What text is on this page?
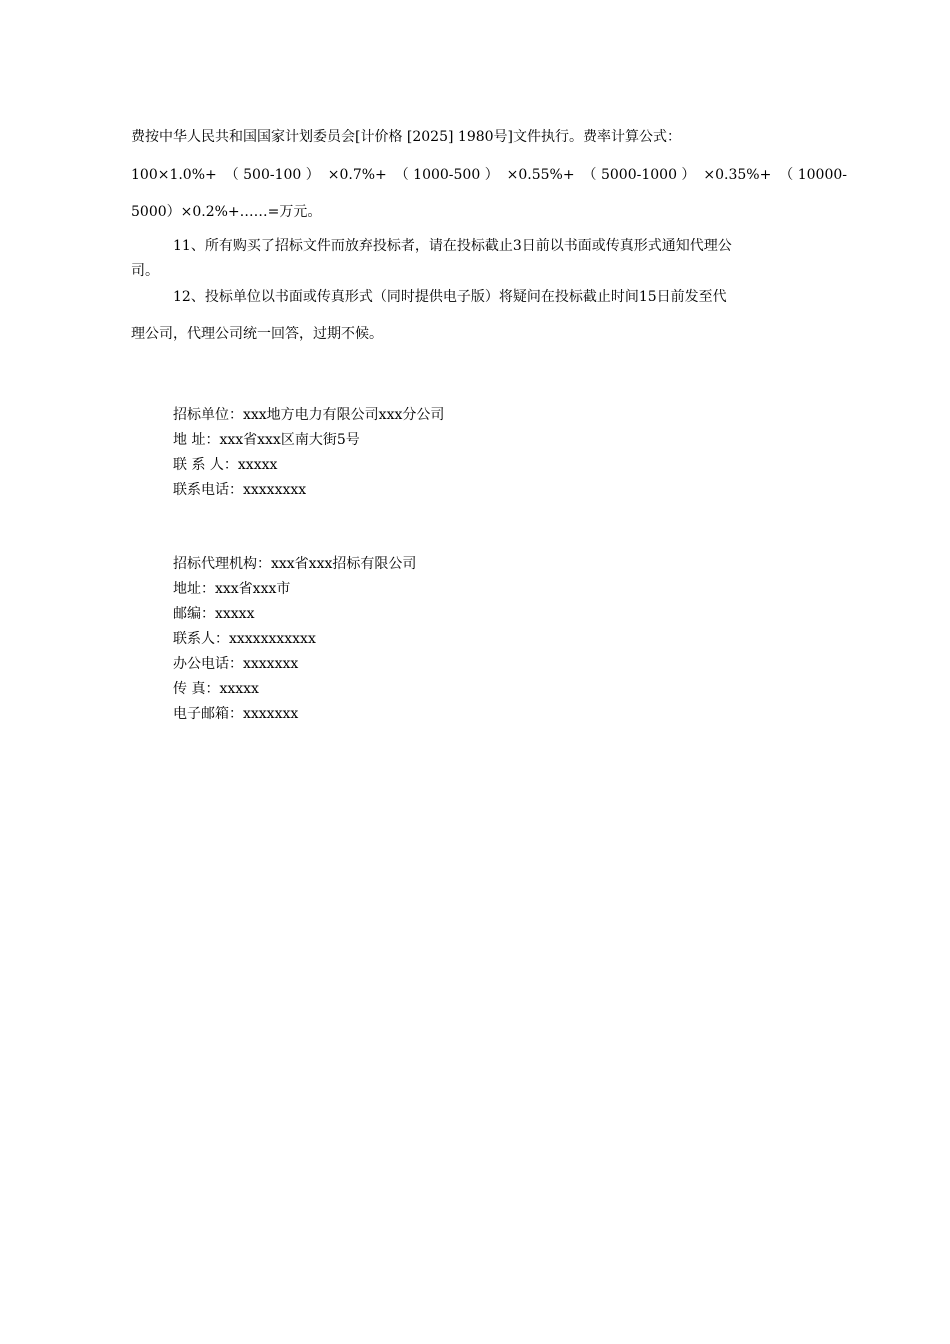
费按中华人民共和国国家计划委员会[计价格 [2025] 1980号]文件执行。费率计算公式：
100×1.0%+ （ 500-100 ） ×0.7%+ （ 1000-500 ） ×0.55%+ （ 5000-1000 ） ×0.35%+ （ 10000-
5000）×0.2%+……=万元。
11、所有购买了招标文件而放弃投标者，请在投标截止3日前以书面或传真形式通知代理公
司。
12、投标单位以书面或传真形式（同时提供电子版）将疑问在投标截止时间15日前发至代
理公司，代理公司统一回答，过期不候。
招标单位：xxx地方电力有限公司xxx分公司
地 址：xxx省xxx区南大街5号
联 系 人：xxxxx
联系电话：xxxxxxxx
招标代理机构：xxx省xxx招标有限公司
地址：xxx省xxx市
邮编：xxxxx
联系人：xxxxxxxxxxx
办公电话：xxxxxxx
传 真：xxxxx
电子邮箱：xxxxxxx
